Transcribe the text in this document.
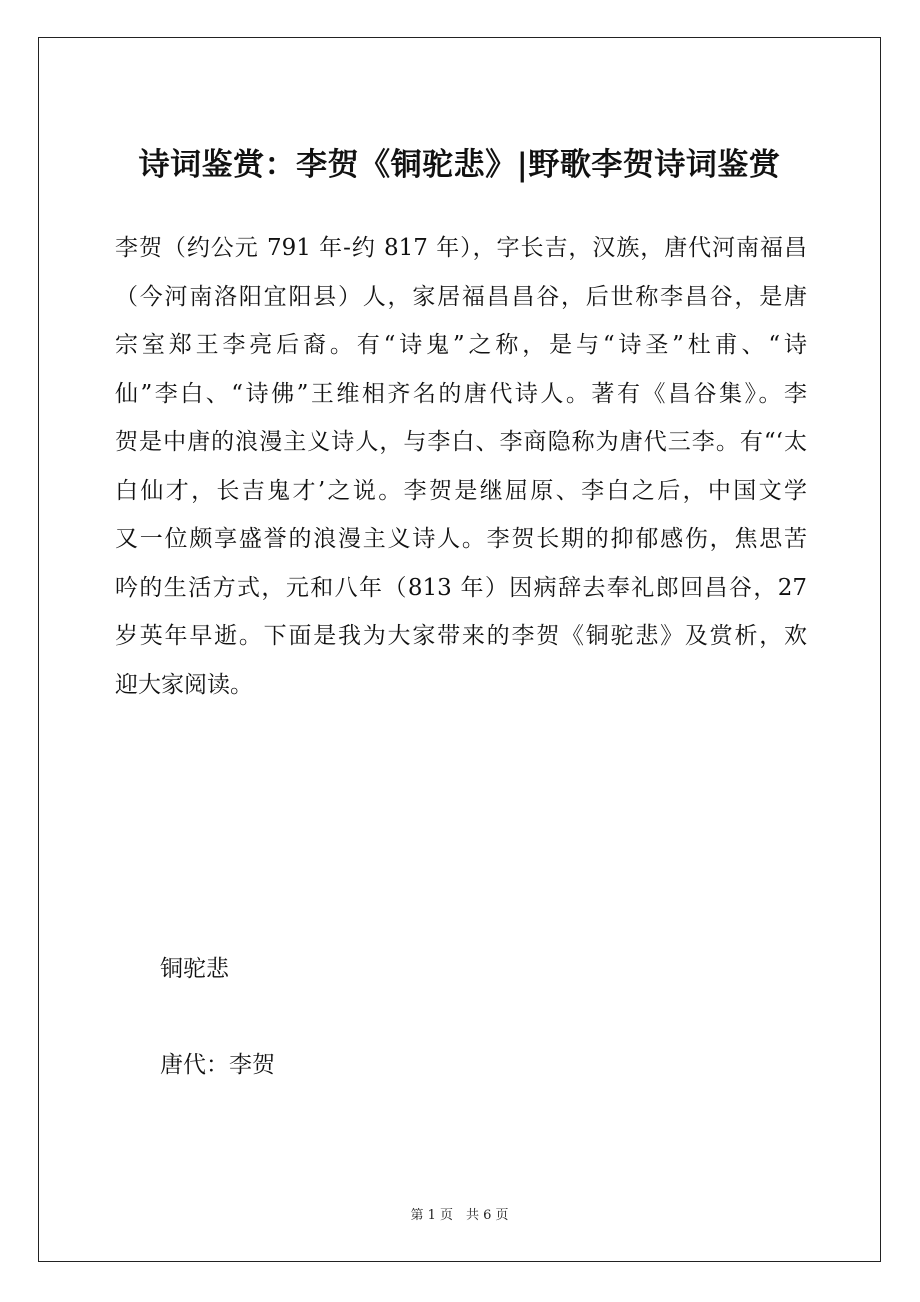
诗词鉴赏：李贺《铜驼悲》|野歌李贺诗词鉴赏
李贺（约公元 791 年-约 817 年），字长吉，汉族，唐代河南福昌
（今河南洛阳宜阳县）人，家居福昌昌谷，后世称李昌谷，是唐
宗室郑王李亮后裔。有“诗鬼”之称，是与“诗圣”杜甫、“诗
仙”李白、“诗佛”王维相齐名的唐代诗人。著有《昌谷集》。李
贺是中唐的浪漫主义诗人，与李白、李商隐称为唐代三李。有“‘太
白仙才，长吉鬼才’之说。李贺是继屈原、李白之后，中国文学
又一位颇享盛誉的浪漫主义诗人。李贺长期的抑郁感伤，焦思苦
吟的生活方式，元和八年（813 年）因病辞去奉礼郎回昌谷，27
岁英年早逝。下面是我为大家带来的李贺《铜驼悲》及赏析，欢
迎大家阅读。

铜驼悲

唐代：李贺

第 1 页　共 6 页
